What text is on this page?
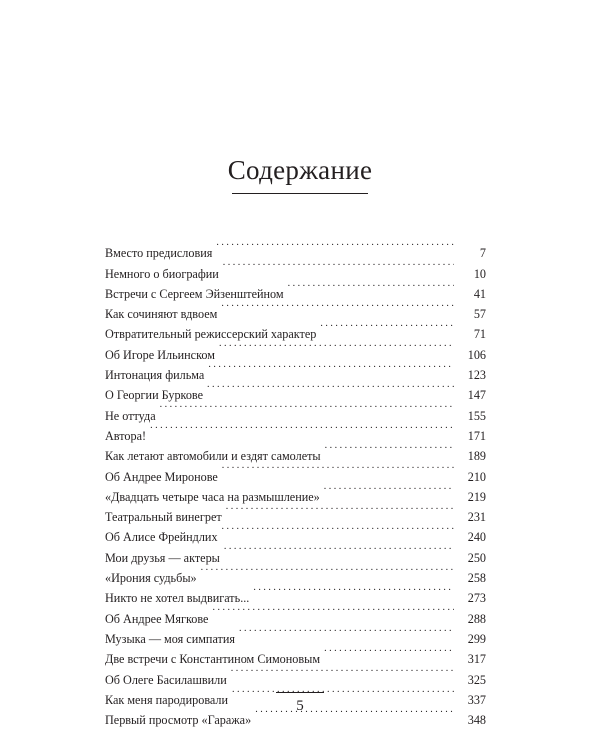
Содержание
Вместо предисловия . . .	7
Немного о биографии . . .	10
Встречи с Сергеем Эйзенштейном . . .	41
Как сочиняют вдвоем . . .	57
Отвратительный режиссерский характер . . .	71
Об Игоре Ильинском . . .	106
Интонация фильма . . .	123
О Георгии Буркове . . .	147
Не оттуда . . .	155
Автора! . . .	171
Как летают автомобили и ездят самолеты . . .	189
Об Андрее Миронове . . .	210
«Двадцать четыре часа на размышление» . . .	219
Театральный винегрет . . .	231
Об Алисе Фрейндлих . . .	240
Мои друзья — актеры . . .	250
«Ирония судьбы» . . .	258
Никто не хотел выдвигать... . . .	273
Об Андрее Мягкове . . .	288
Музыка — моя симпатия . . .	299
Две встречи с Константином Симоновым . . .	317
Об Олеге Басилашвили . . .	325
Как меня пародировали . . .	337
Первый просмотр «Гаража» . . .	348
5
